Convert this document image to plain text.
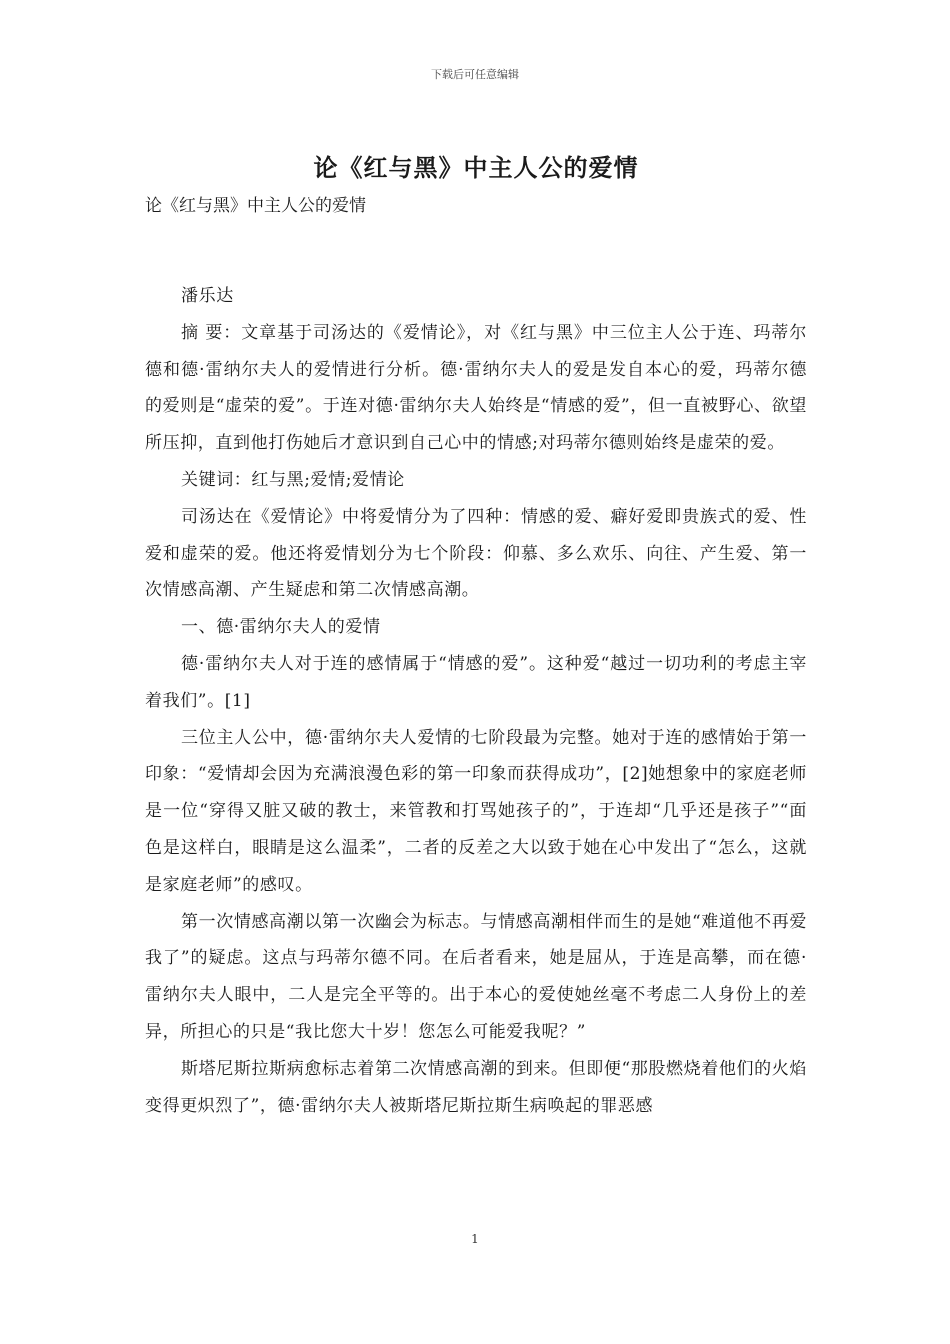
下载后可任意编辑
论《红与黑》中主人公的爱情

论《红与黑》中主人公的爱情

潘乐达

摘 要：文章基于司汤达的《爱情论》，对《红与黑》中三位主人公于连、玛蒂尔德和德·雷纳尔夫人的爱情进行分析。德·雷纳尔夫人的爱是发自本心的爱，玛蒂尔德的爱则是“虚荣的爱”。于连对德·雷纳尔夫人始终是“情感的爱”，但一直被野心、欲望所压抑，直到他打伤她后才意识到自己心中的情感;对玛蒂尔德则始终是虚荣的爱。

关键词：红与黑;爱情;爱情论

司汤达在《爱情论》中将爱情分为了四种：情感的爱、癖好爱即贵族式的爱、性爱和虚荣的爱。他还将爱情划分为七个阶段：仰慕、多么欢乐、向往、产生爱、第一次情感高潮、产生疑虑和第二次情感高潮。

一、德·雷纳尔夫人的爱情

德·雷纳尔夫人对于连的感情属于“情感的爱”。这种爱“越过一切功利的考虑主宰着我们”。[1]

三位主人公中，德·雷纳尔夫人爱情的七阶段最为完整。她对于连的感情始于第一印象：“爱情却会因为充满浪漫色彩的第一印象而获得成功”，[2]她想象中的家庭老师是一位“穿得又脏又破的教士，来管教和打骂她孩子的”，于连却“几乎还是孩子”“面色是这样白，眼睛是这么温柔”，二者的反差之大以致于她在心中发出了“怎么，这就是家庭老师”的感叹。

第一次情感高潮以第一次幽会为标志。与情感高潮相伴而生的是她“难道他不再爱我了”的疑虑。这点与玛蒂尔德不同。在后者看来，她是屈从，于连是高攀，而在德·雷纳尔夫人眼中，二人是完全平等的。出于本心的爱使她丝毫不考虑二人身份上的差异，所担心的只是“我比您大十岁！您怎么可能爱我呢？”

斯塔尼斯拉斯病愈标志着第二次情感高潮的到来。但即便“那股燃烧着他们的火焰变得更炽烈了”，德·雷纳尔夫人被斯塔尼斯拉斯生病唤起的罪恶感

1
